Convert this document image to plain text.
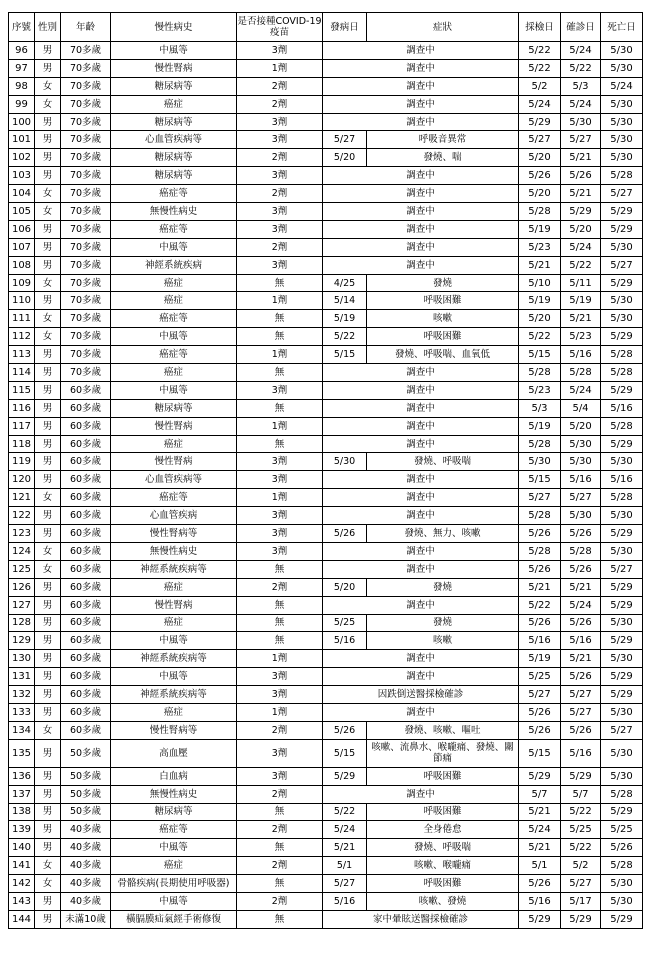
序號	性別	年齡	慢性病史	是否接種COVID-19疫苗	發病日	症狀	採檢日	確診日	死亡日
96	男	70多歲	中風等	3劑	調查中		5/22	5/24	5/30
97	男	70多歲	慢性腎病	1劑	調查中		5/22	5/22	5/30
98	女	70多歲	糖尿病等	2劑	調查中		5/2	5/3	5/24
99	女	70多歲	癌症	2劑	調查中		5/24	5/24	5/30
100	男	70多歲	糖尿病等	3劑	調查中		5/29	5/30	5/30
101	男	70多歲	心血管疾病等	3劑	5/27	呼吸音異常	5/27	5/27	5/30
102	男	70多歲	糖尿病等	2劑	5/20	發燒、喘	5/20	5/21	5/30
103	男	70多歲	糖尿病等	3劑	調查中		5/26	5/26	5/28
104	女	70多歲	癌症等	2劑	調查中		5/20	5/21	5/27
105	女	70多歲	無慢性病史	3劑	調查中		5/28	5/29	5/29
106	男	70多歲	癌症等	3劑	調查中		5/19	5/20	5/29
107	男	70多歲	中風等	2劑	調查中		5/23	5/24	5/30
108	男	70多歲	神經系統疾病	3劑	調查中		5/21	5/22	5/27
109	女	70多歲	癌症	無	4/25	發燒	5/10	5/11	5/29
110	男	70多歲	癌症	1劑	5/14	呼吸困難	5/19	5/19	5/30
111	女	70多歲	癌症等	無	5/19	咳嗽	5/20	5/21	5/30
112	女	70多歲	中風等	無	5/22	呼吸困難	5/22	5/23	5/29
113	男	70多歲	癌症等	1劑	5/15	發燒、呼吸喘、血氧低	5/15	5/16	5/28
114	男	70多歲	癌症	無	調查中		5/28	5/28	5/28
115	男	60多歲	中風等	3劑	調查中		5/23	5/24	5/29
116	男	60多歲	糖尿病等	無	調查中		5/3	5/4	5/16
117	男	60多歲	慢性腎病	1劑	調查中		5/19	5/20	5/28
118	男	60多歲	癌症	無	調查中		5/28	5/30	5/29
119	男	60多歲	慢性腎病	3劑	5/30	發燒、呼吸喘	5/30	5/30	5/30
120	男	60多歲	心血管疾病等	3劑	調查中		5/15	5/16	5/16
121	女	60多歲	癌症等	1劑	調查中		5/27	5/27	5/28
122	男	60多歲	心血管疾病	3劑	調查中		5/28	5/30	5/30
123	男	60多歲	慢性腎病等	3劑	5/26	發燒、無力、咳嗽	5/26	5/26	5/29
124	女	60多歲	無慢性病史	3劑	調查中		5/28	5/28	5/30
125	女	60多歲	神經系統疾病等	無	調查中		5/26	5/26	5/27
126	男	60多歲	癌症	2劑	5/20	發燒	5/21	5/21	5/29
127	男	60多歲	慢性腎病	無	調查中		5/22	5/24	5/29
128	男	60多歲	癌症	無	5/25	發燒	5/26	5/26	5/30
129	男	60多歲	中風等	無	5/16	咳嗽	5/16	5/16	5/29
130	男	60多歲	神經系統疾病等	1劑	調查中		5/19	5/21	5/30
131	男	60多歲	中風等	3劑	調查中		5/25	5/26	5/29
132	男	60多歲	神經系統疾病等	3劑	因跌倒送醫採檢確診		5/27	5/27	5/29
133	男	60多歲	癌症	1劑	調查中		5/26	5/27	5/30
134	女	60多歲	慢性腎病等	2劑	5/26	發燒、咳嗽、嘔吐	5/26	5/26	5/27
135	男	50多歲	高血壓	3劑	5/15	咳嗽、流鼻水、喉嚨痛、發燒、關節痛	5/15	5/16	5/30
136	男	50多歲	白血病	3劑	5/29	呼吸困難	5/29	5/29	5/30
137	男	50多歲	無慢性病史	2劑	調查中		5/7	5/7	5/28
138	男	50多歲	糖尿病等	無	5/22	呼吸困難	5/21	5/22	5/29
139	男	40多歲	癌症等	2劑	5/24	全身倦怠	5/24	5/25	5/25
140	男	40多歲	中風等	無	5/21	發燒、呼吸喘	5/21	5/22	5/26
141	女	40多歲	癌症	2劑	5/1	咳嗽、喉嚨痛	5/1	5/2	5/28
142	女	40多歲	骨骼疾病(長期使用呼吸器)	無	5/27	呼吸困難	5/26	5/27	5/30
143	男	40多歲	中風等	2劑	5/16	咳嗽、發燒	5/16	5/17	5/30
144	男	未滿10歲	橫膈膜疝氣經手術修復	無	家中暈眩送醫採檢確診		5/29	5/29	5/29
